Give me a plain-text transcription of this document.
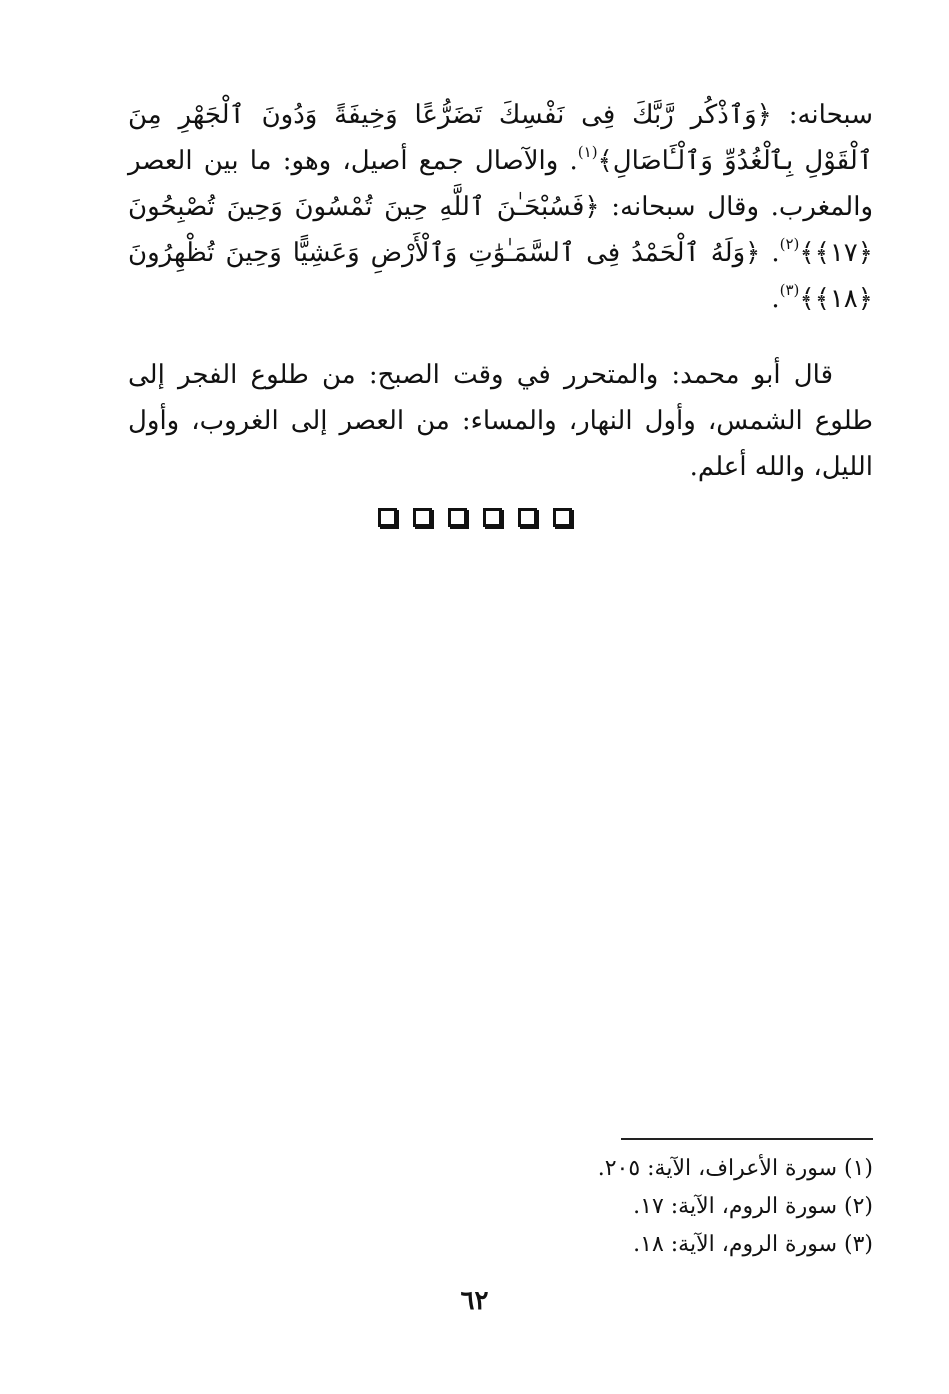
سبحانه: ﴿وَٱذْكُر رَّبَّكَ فِى نَفْسِكَ تَضَرُّعًا وَخِيفَةً وَدُونَ ٱلْجَهْرِ مِنَ ٱلْقَوْلِ بِٱلْغُدُوِّ وَٱلْـَٔاصَالِ﴾$^{(١)}$. والآصال جمع أصيل، وهو: ما بين العصر والمغرب. وقال سبحانه: ﴿فَسُبْحَـٰنَ ٱللَّهِ حِينَ تُمْسُونَ وَحِينَ تُصْبِحُونَ ﴿١٧﴾﴾$^{(٢)}$. ﴿وَلَهُ ٱلْحَمْدُ فِى ٱلسَّمَـٰوَٰتِ وَٱلْأَرْضِ وَعَشِيًّا وَحِينَ تُظْهِرُونَ ﴿١٨﴾﴾$^{(٣)}$.

قال أبو محمد: والمتحرر في وقت الصبح: من طلوع الفجر إلى طلوع الشمس، وأول النهار، والمساء: من العصر إلى الغروب، وأول الليل، والله أعلم.

(١) سورة الأعراف، الآية: ٢٠٥.
(٢) سورة الروم، الآية: ١٧.
(٣) سورة الروم، الآية: ١٨.
٦٢
